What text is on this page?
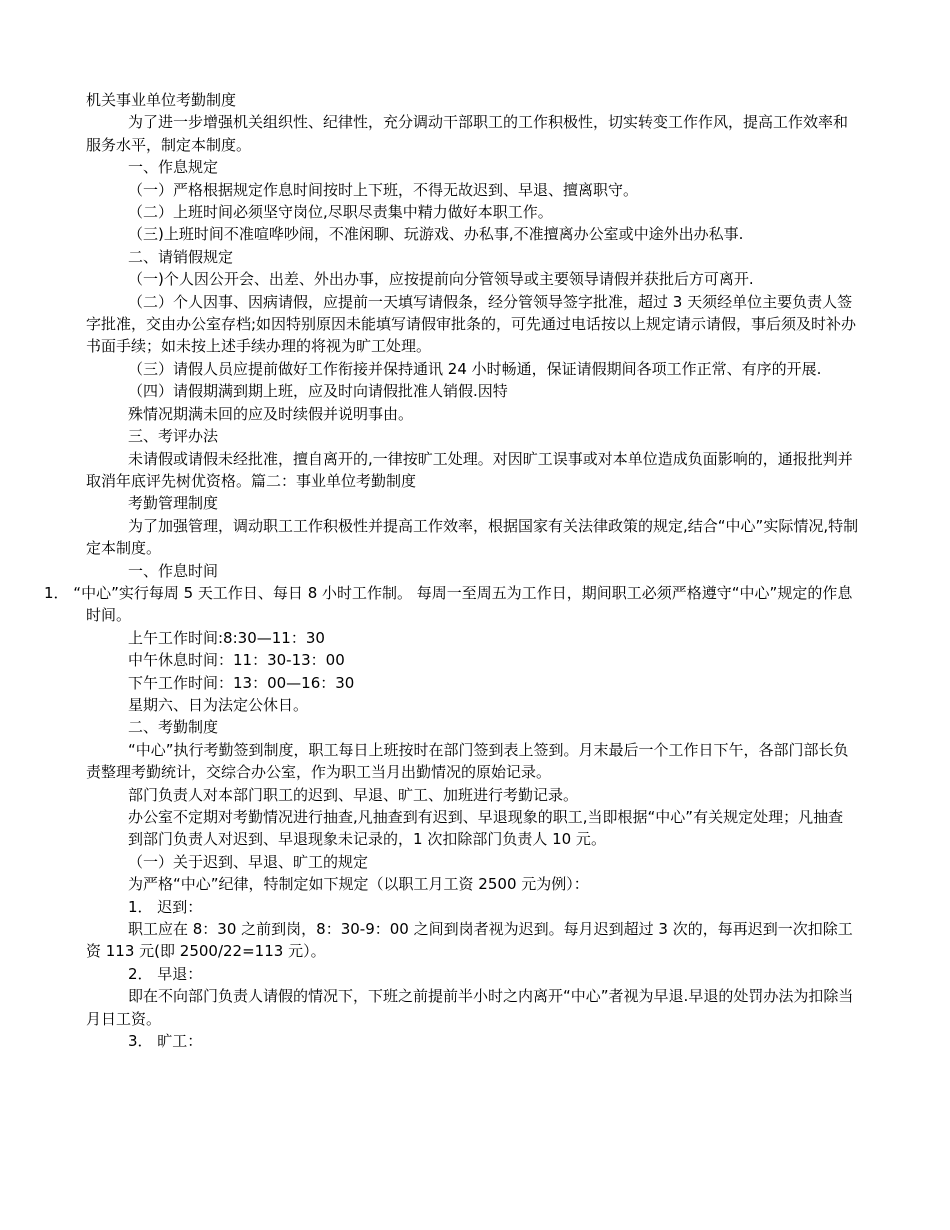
机关事业单位考勤制度

为了进一步增强机关组织性、纪律性，充分调动干部职工的工作积极性，切实转变工作作风，提高工作效率和服务水平，制定本制度。

一、作息规定

（一）严格根据规定作息时间按时上下班，不得无故迟到、早退、擅离职守。

（二）上班时间必须坚守岗位,尽职尽责集中精力做好本职工作。

（三)上班时间不准喧哗吵闹，不准闲聊、玩游戏、办私事,不准擅离办公室或中途外出办私事.

二、请销假规定

（一)个人因公开会、出差、外出办事，应按提前向分管领导或主要领导请假并获批后方可离开.

（二）个人因事、因病请假，应提前一天填写请假条，经分管领导签字批准，超过 3 天须经单位主要负责人签字批准，交由办公室存档;如因特别原因未能填写请假审批条的，可先通过电话按以上规定请示请假，事后须及时补办书面手续；如未按上述手续办理的将视为旷工处理。

（三）请假人员应提前做好工作衔接并保持通讯 24 小时畅通，保证请假期间各项工作正常、有序的开展.

（四）请假期满到期上班，应及时向请假批准人销假.因特

殊情况期满未回的应及时续假并说明事由。

三、考评办法

未请假或请假未经批准，擅自离开的,一律按旷工处理。对因旷工误事或对本单位造成负面影响的，通报批判并取消年底评先树优资格。篇二：事业单位考勤制度

考勤管理制度

为了加强管理，调动职工工作积极性并提高工作效率，根据国家有关法律政策的规定,结合“中心”实际情况,特制定本制度。

一、作息时间

1． “中心”实行每周 5 天工作日、每日 8 小时工作制。 每周一至周五为工作日，期间职工必须严格遵守“中心”规定的作息时间。

上午工作时间:8:30—11：30

中午休息时间：11：30-13：00

下午工作时间：13：00—16：30

星期六、日为法定公休日。

二、考勤制度

“中心”执行考勤签到制度，职工每日上班按时在部门签到表上签到。月末最后一个工作日下午，各部门部长负责整理考勤统计，交综合办公室，作为职工当月出勤情况的原始记录。

部门负责人对本部门职工的迟到、早退、旷工、加班进行考勤记录。

办公室不定期对考勤情况进行抽查,凡抽查到有迟到、早退现象的职工,当即根据“中心”有关规定处理；凡抽查

到部门负责人对迟到、早退现象未记录的，1 次扣除部门负责人 10 元。

（一）关于迟到、早退、旷工的规定

为严格“中心”纪律，特制定如下规定（以职工月工资 2500 元为例）：

1． 迟到：

职工应在 8：30 之前到岗，8：30-9：00 之间到岗者视为迟到。每月迟到超过 3 次的，每再迟到一次扣除工资 113 元(即 2500/22=113 元）。

2． 早退：

即在不向部门负责人请假的情况下，下班之前提前半小时之内离开“中心”者视为早退.早退的处罚办法为扣除当月日工资。

3． 旷工：
